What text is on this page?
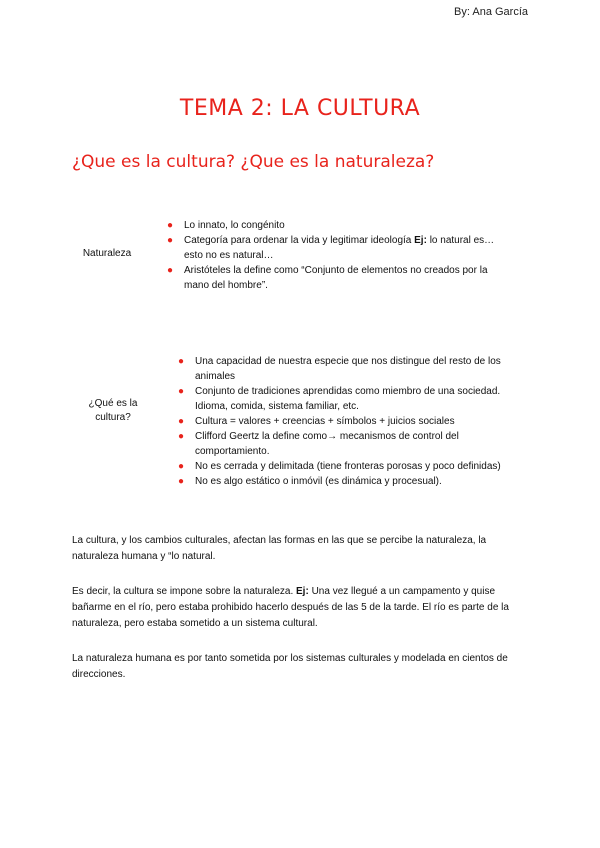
By: Ana García
TEMA 2: LA CULTURA
¿Que es la cultura? ¿Que es la naturaleza?
Naturaleza
● Lo innato, lo congénito
● Categoría para ordenar la vida y legitimar ideología Ej: lo natural es…esto no es natural…
● Aristóteles la define como “Conjunto de elementos no creados por la mano del hombre”.
¿Qué es la cultura?
● Una capacidad de nuestra especie que nos distingue del resto de los animales
● Conjunto de tradiciones aprendidas como miembro de una sociedad. Idioma, comida, sistema familiar, etc.
● Cultura = valores + creencias + símbolos + juicios sociales
● Clifford Geertz la define como→ mecanismos de control del comportamiento.
● No es cerrada y delimitada (tiene fronteras porosas y poco definidas)
● No es algo estático o inmóvil (es dinámica y procesual).
La cultura, y los cambios culturales, afectan las formas en las que se percibe la naturaleza, la naturaleza humana y “lo natural.
Es decir, la cultura se impone sobre la naturaleza. Ej: Una vez llegué a un campamento y quise bañarme en el río, pero estaba prohibido hacerlo después de las 5 de la tarde. El río es parte de la naturaleza, pero estaba sometido a un sistema cultural.
La naturaleza humana es por tanto sometida por los sistemas culturales y modelada en cientos de direcciones.
